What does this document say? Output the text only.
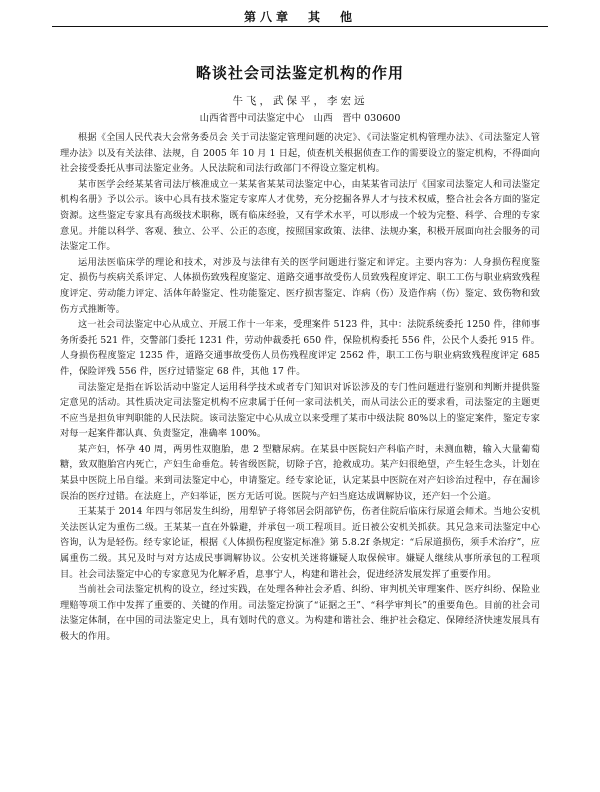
第八章　其　他
略谈社会司法鉴定机构的作用

牛飞，武保平，李宏远

山西省晋中司法鉴定中心　山西　晋中 030600

根据《全国人民代表大会常务委员会 关于司法鉴定管理问题的决定》、《司法鉴定机构管理办法》、《司法鉴定人管理办法》以及有关法律、法规，自 2005 年 10 月 1 日起，侦查机关根据侦查工作的需要设立的鉴定机构，不得面向社会接受委托从事司法鉴定业务。人民法院和司法行政部门不得设立鉴定机构。

某市医学会经某某省司法厅核准成立一某某省某某司法鉴定中心，由某某省司法厅《国家司法鉴定人和司法鉴定机构名册》予以公示。该中心具有技术鉴定专家库人才优势，充分挖掘各界人才与技术权威，整合社会各方面的鉴定资源。这些鉴定专家具有高级技术职称，既有临床经验，又有学术水平，可以形成一个较为完整、科学、合理的专家意见。并能以科学、客观、独立、公平、公正的态度，按照国家政策、法律、法规办案，积极开展面向社会服务的司法鉴定工作。

运用法医临床学的理论和技术，对涉及与法律有关的医学问题进行鉴定和评定。主要内容为：人身损伤程度鉴定、损伤与疾病关系评定、人体损伤致残程度鉴定、道路交通事故受伤人员致残程度评定、职工工伤与职业病致残程度评定、劳动能力评定、活体年龄鉴定、性功能鉴定、医疗损害鉴定、诈病（伤）及造作病（伤）鉴定、致伤物和致伤方式推断等。

这一社会司法鉴定中心从成立、开展工作十一年来，受理案件 5123 件，其中：法院系统委托 1250 件，律师事务所委托 521 件，交警部门委托 1231 件，劳动仲裁委托 650 件，保险机构委托 556 件，公民个人委托 915 件。人身损伤程度鉴定 1235 件，道路交通事故受伤人员伤残程度评定 2562 件，职工工伤与职业病致残程度评定 685 件，保险评残 556 件，医疗过错鉴定 68 件，其他 17 件。

司法鉴定是指在诉讼活动中鉴定人运用科学技术或者专门知识对诉讼涉及的专门性问题进行鉴别和判断并提供鉴定意见的活动。其性质决定司法鉴定机构不应隶属于任何一家司法机关，而从司法公正的要求看，司法鉴定的主题更不应当是担负审判职能的人民法院。该司法鉴定中心从成立以来受理了某市中级法院 80%以上的鉴定案件，鉴定专家对每一起案件都认真、负责鉴定，准确率 100%。

某产妇，怀孕 40 周，两男性双胞胎，患 2 型糖尿病。在某县中医院妇产科临产时，未测血糖，输入大量葡萄糖，致双胞胎宫内死亡，产妇生命垂危。转省级医院，切除子宫，抢救成功。某产妇很绝望，产生轻生念头，计划在某县中医院上吊自缢。来到司法鉴定中心，申请鉴定。经专家论证，认定某县中医院在对产妇诊治过程中，存在漏诊误治的医疗过错。在法庭上，产妇举证，医方无话可说。医院与产妇当庭达成调解协议，还产妇一个公道。

王某某于 2014 年四与邻居发生纠纷，用犁铲子将邻居会阴部铲伤，伤者住院后临床行尿道会师术。当地公安机关法医认定为重伤二级。王某某一直在外躲避，并承包一项工程项目。近日被公安机关抓获。其兄急来司法鉴定中心咨询，认为是轻伤。经专家论证，根据《人体损伤程度鉴定标准》第 5.8.2f 条规定：“后尿道损伤，须手术治疗”，应属重伤二级。其兄及时与对方达成民事调解协议。公安机关迷将嫌疑人取保候审。嫌疑人继续从事所承包的工程项目。社会司法鉴定中心的专家意见为化解矛盾，息事宁人，构建和谐社会，促进经济发展发挥了重要作用。

当前社会司法鉴定机构的设立，经过实践，在处理各种社会矛盾、纠纷、审判机关审理案件、医疗纠纷、保险业理赔等项工作中发挥了重要的、关键的作用。司法鉴定扮演了“证据之王”、“科学审判长”的重要角色。目前的社会司法鉴定体制，在中国的司法鉴定史上，具有划时代的意义。为构建和谐社会、维护社会稳定、保障经济快速发展具有极大的作用。
